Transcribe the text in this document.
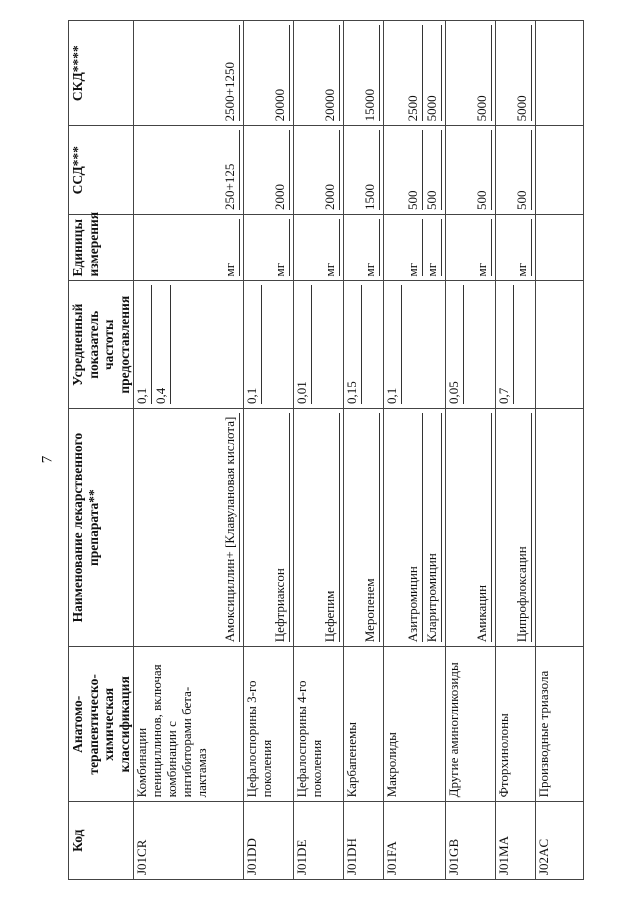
7
Код	Анатомо-терапевтическо-химическая классификация	Наименование лекарственного препарата**	Усредненный показатель частоты предоставления	Единицы измерения	ССД***	СКД****
J01CR	Комбинации пенициллинов, включая комбинации с ингибиторами бета-лактамаз	Амоксициллин+ [Клавулановая кислота]	0,1 0,4	мг	250+125	2500+1250

J01DD	Цефалоспорины 3-го поколения	Цефтриаксон	0,1	мг	2000	20000

J01DE	Цефалоспорины 4-го поколения	Цефепим	0,01	мг	2000	20000

J01DH	Карбапенемы	Меропенем	0,15	мг	1500	15000

J01FA	Макролиды	Азитромицин Кларитромицин	0,1	мг мг	500 500	2500 5000

J01GB	Другие аминогликозиды	Амикацин	0,05	мг	500	5000

J01MA	Фторхинолоны	Ципрофлоксацин	0,7	мг	500	5000

J02AC	Производные триазола					
